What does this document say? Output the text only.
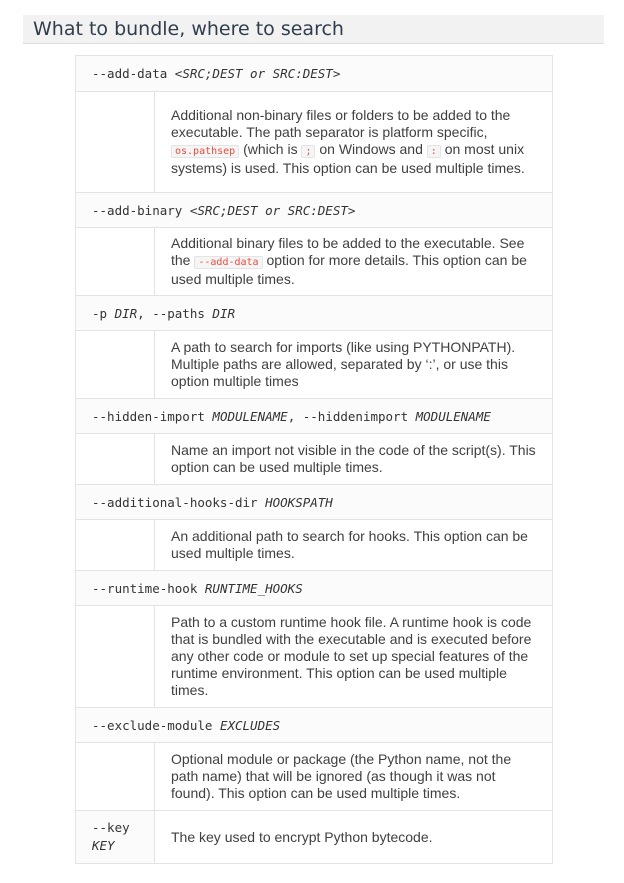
What to bundle, where to search
--add-data <SRC;DEST or SRC:DEST>	
	Additional non-binary files or folders to be added to the executable. The path separator is platform specific, os.pathsep (which is ; on Windows and : on most unix systems) is used. This option can be used multiple times.
--add-binary <SRC;DEST or SRC:DEST>	
	Additional binary files to be added to the executable. See the --add-data option for more details. This option can be used multiple times.
-p DIR, --paths DIR	
	A path to search for imports (like using PYTHONPATH). Multiple paths are allowed, separated by ‘:’, or use this option multiple times
--hidden-import MODULENAME, --hiddenimport MODULENAME	
	Name an import not visible in the code of the script(s). This option can be used multiple times.
--additional-hooks-dir HOOKSPATH	
	An additional path to search for hooks. This option can be used multiple times.
--runtime-hook RUNTIME_HOOKS	
	Path to a custom runtime hook file. A runtime hook is code that is bundled with the executable and is executed before any other code or module to set up special features of the runtime environment. This option can be used multiple times.
--exclude-module EXCLUDES	
	Optional module or package (the Python name, not the path name) that will be ignored (as though it was not found). This option can be used multiple times.
--key
KEY	The key used to encrypt Python bytecode.
